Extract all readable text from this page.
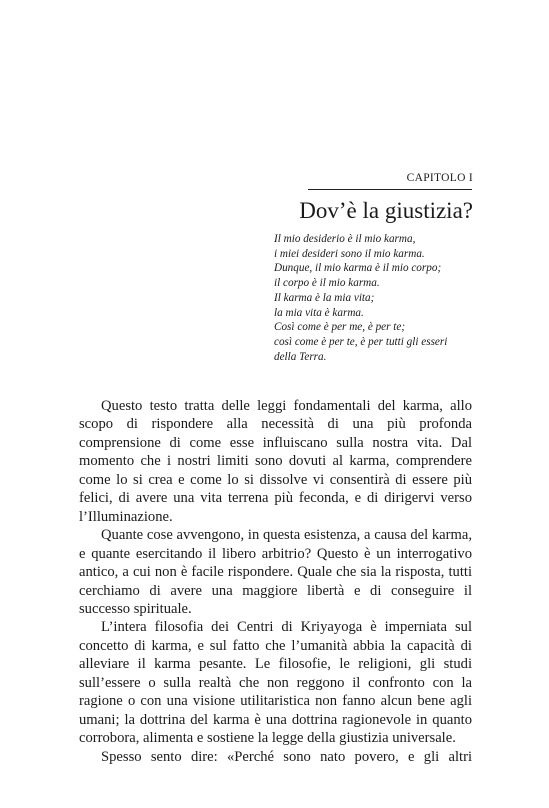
CAPITOLO I
Dov’è la giustizia?
Il mio desiderio è il mio karma,
i miei desideri sono il mio karma.
Dunque, il mio karma è il mio corpo;
il corpo è il mio karma.
Il karma è la mia vita;
la mia vita è karma.
Così come è per me, è per te;
così come è per te, è per tutti gli esseri
della Terra.

Questo testo tratta delle leggi fondamentali del karma, allo scopo di rispondere alla necessità di una più profonda comprensione di come esse influiscano sulla nostra vita. Dal momento che i nostri limiti sono dovuti al karma, comprendere come lo si crea e come lo si dissolve vi consentirà di essere più felici, di avere una vita terrena più feconda, e di dirigervi verso l’Illuminazione.

Quante cose avvengono, in questa esistenza, a causa del karma, e quante esercitando il libero arbitrio? Questo è un interrogativo antico, a cui non è facile rispondere. Quale che sia la risposta, tutti cerchiamo di avere una maggiore libertà e di conseguire il successo spirituale.

L’intera filosofia dei Centri di Kriyayoga è imperniata sul concetto di karma, e sul fatto che l’umanità abbia la capacità di alleviare il karma pesante. Le filosofie, le religioni, gli studi sull’essere o sulla realtà che non reggono il confronto con la ragione o con una visione utilitaristica non fanno alcun bene agli umani; la dottrina del karma è una dottrina ragionevole in quanto corrobora, alimenta e sostiene la legge della giustizia universale.

Spesso sento dire: «Perché sono nato povero, e gli altri
